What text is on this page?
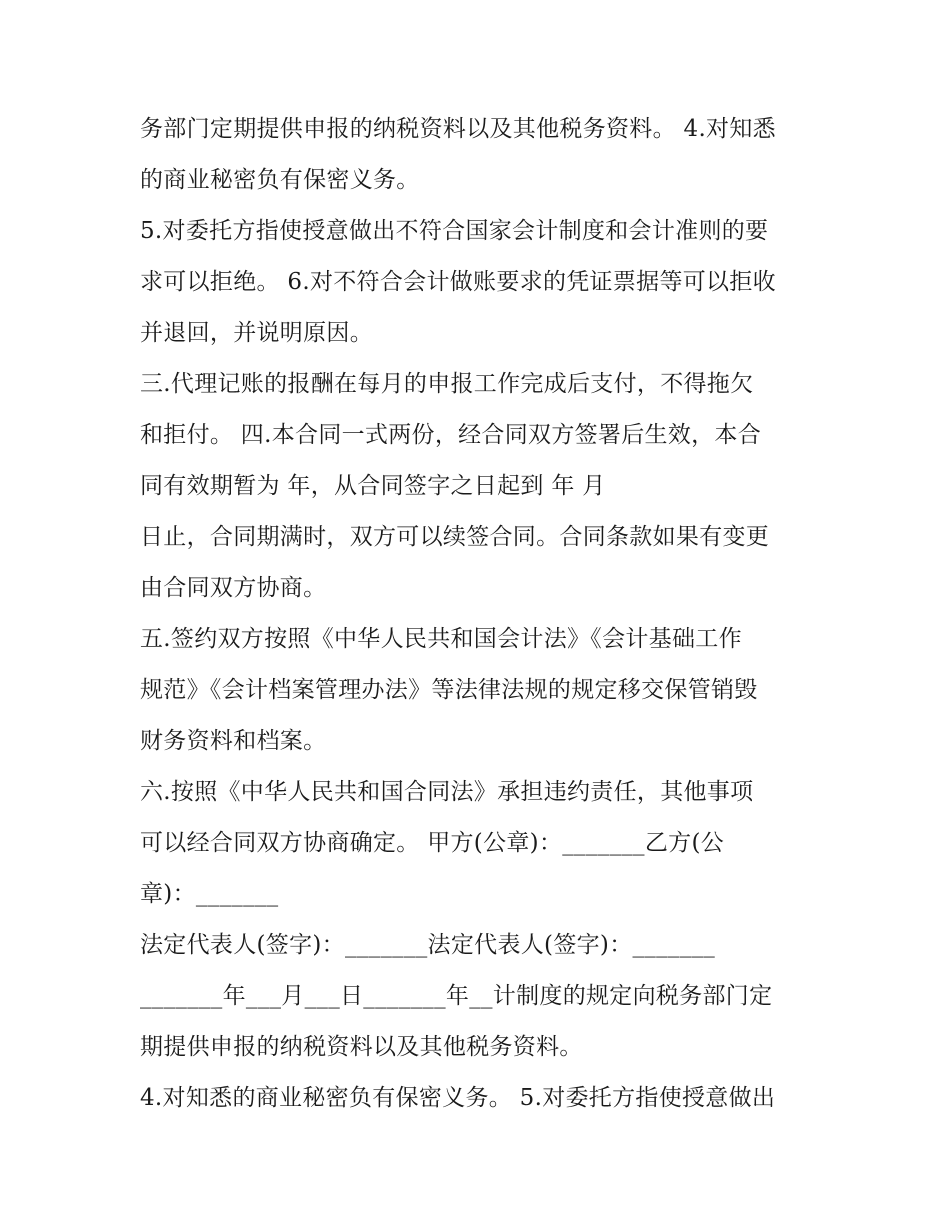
务部门定期提供申报的纳税资料以及其他税务资料。 4.对知悉
的商业秘密负有保密义务。
5.对委托方指使授意做出不符合国家会计制度和会计准则的要
求可以拒绝。 6.对不符合会计做账要求的凭证票据等可以拒收
并退回，并说明原因。
三.代理记账的报酬在每月的申报工作完成后支付，不得拖欠
和拒付。 四.本合同一式两份，经合同双方签署后生效，本合
同有效期暂为 年，从合同签字之日起到 年 月
日止，合同期满时，双方可以续签合同。合同条款如果有变更
由合同双方协商。
五.签约双方按照《中华人民共和国会计法》《会计基础工作
规范》《会计档案管理办法》等法律法规的规定移交保管销毁
财务资料和档案。
六.按照《中华人民共和国合同法》承担违约责任，其他事项
可以经合同双方协商确定。 甲方(公章)：_______乙方(公
章)：_______
法定代表人(签字)：_______法定代表人(签字)：_______
_______年___月___日_______年__计制度的规定向税务部门定
期提供申报的纳税资料以及其他税务资料。
4.对知悉的商业秘密负有保密义务。 5.对委托方指使授意做出
